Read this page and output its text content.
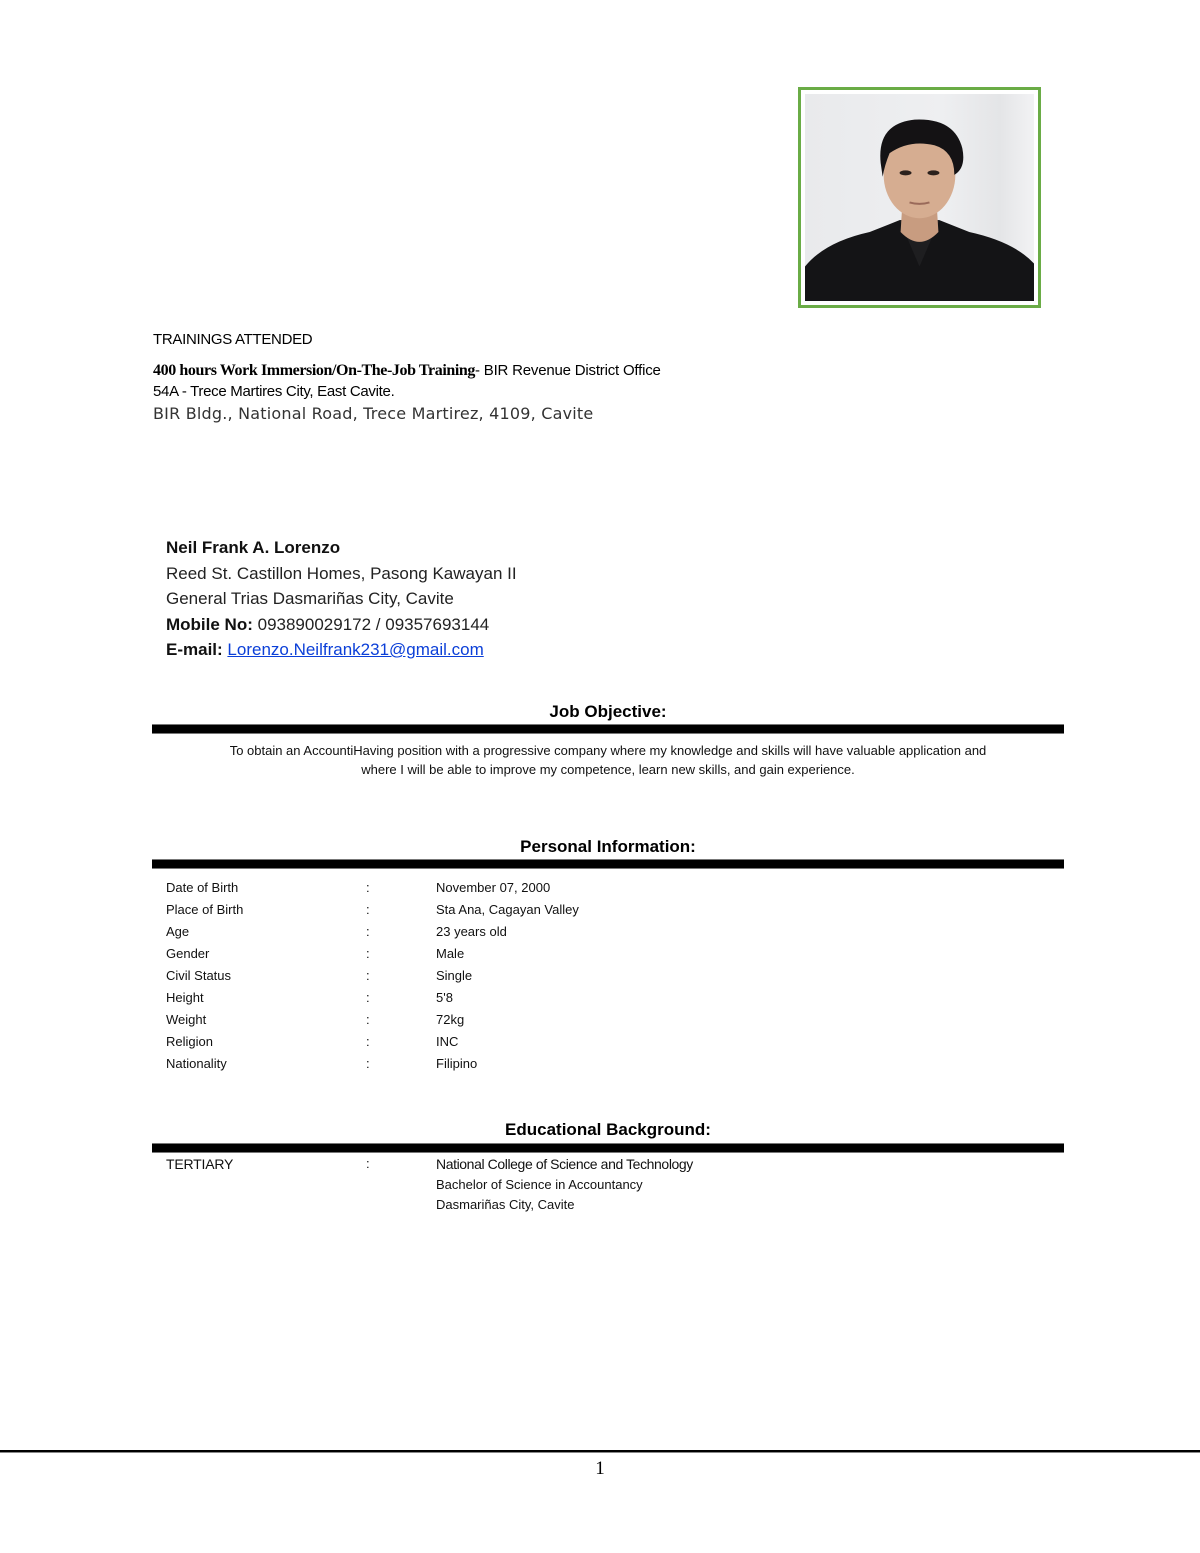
TRAININGS ATTENDED
400 hours Work Immersion/On-The-Job Training- BIR Revenue District Office
54A - Trece Martires City, East Cavite.
BIR Bldg., National Road, Trece Martirez, 4109, Cavite
Neil Frank A. Lorenzo
Reed St. Castillon Homes, Pasong Kawayan II
General Trias Dasmariñas City, Cavite
Mobile No: 093890029172 / 09357693144
E-mail: Lorenzo.Neilfrank231@gmail.com
Job Objective:
To obtain an AccountiHaving position with a progressive company where my knowledge and skills will have valuable application and
where I will be able to improve my competence, learn new skills, and gain experience.
Personal Information:
Date of Birth	:	November 07, 2000
Place of Birth	:	Sta Ana, Cagayan Valley
Age	:	23 years old
Gender	:	Male
Civil Status	:	Single
Height	:	5'8
Weight	:	72kg
Religion	:	INC
Nationality	:	Filipino
Educational Background:
TERTIARY	:	National College of Science and Technology
Bachelor of Science in Accountancy
Dasmariñas City, Cavite
1
